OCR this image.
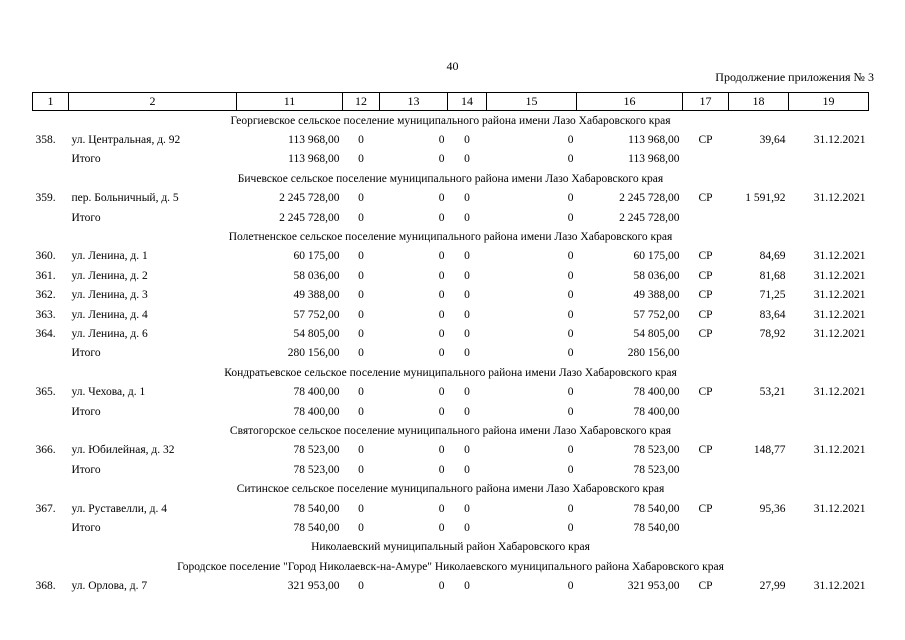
40
Продолжение приложения № 3
1	2	11	12	13	14	15	16	17	18	19
Георгиевское сельское поселение муниципального района имени Лазо Хабаровского края										
358.	ул. Центральная, д. 92	113 968,00	0	0	0	0	113 968,00	СР	39,64	31.12.2021
	Итого	113 968,00	0	0	0	0	113 968,00			
Бичевское сельское поселение муниципального района имени Лазо Хабаровского края										
359.	пер. Больничный, д. 5	2 245 728,00	0	0	0	0	2 245 728,00	СР	1 591,92	31.12.2021
	Итого	2 245 728,00	0	0	0	0	2 245 728,00			
Полетненское сельское поселение муниципального района имени Лазо Хабаровского края										
360.	ул. Ленина, д. 1	60 175,00	0	0	0	0	60 175,00	СР	84,69	31.12.2021
361.	ул. Ленина, д. 2	58 036,00	0	0	0	0	58 036,00	СР	81,68	31.12.2021
362.	ул. Ленина, д. 3	49 388,00	0	0	0	0	49 388,00	СР	71,25	31.12.2021
363.	ул. Ленина, д. 4	57 752,00	0	0	0	0	57 752,00	СР	83,64	31.12.2021
364.	ул. Ленина, д. 6	54 805,00	0	0	0	0	54 805,00	СР	78,92	31.12.2021
	Итого	280 156,00	0	0	0	0	280 156,00			
Кондратьевское сельское поселение муниципального района имени Лазо Хабаровского края										
365.	ул. Чехова, д. 1	78 400,00	0	0	0	0	78 400,00	СР	53,21	31.12.2021
	Итого	78 400,00	0	0	0	0	78 400,00			
Святогорское сельское поселение муниципального района имени Лазо Хабаровского края										
366.	ул. Юбилейная, д. 32	78 523,00	0	0	0	0	78 523,00	СР	148,77	31.12.2021
	Итого	78 523,00	0	0	0	0	78 523,00			
Ситинское сельское поселение муниципального района имени Лазо Хабаровского края										
367.	ул. Руставелли, д. 4	78 540,00	0	0	0	0	78 540,00	СР	95,36	31.12.2021
	Итого	78 540,00	0	0	0	0	78 540,00			
Николаевский муниципальный район Хабаровского края										
Городское поселение "Город Николаевск-на-Амуре" Николаевского муниципального района Хабаровского края										
368.	ул. Орлова, д. 7	321 953,00	0	0	0	0	321 953,00	СР	27,99	31.12.2021
